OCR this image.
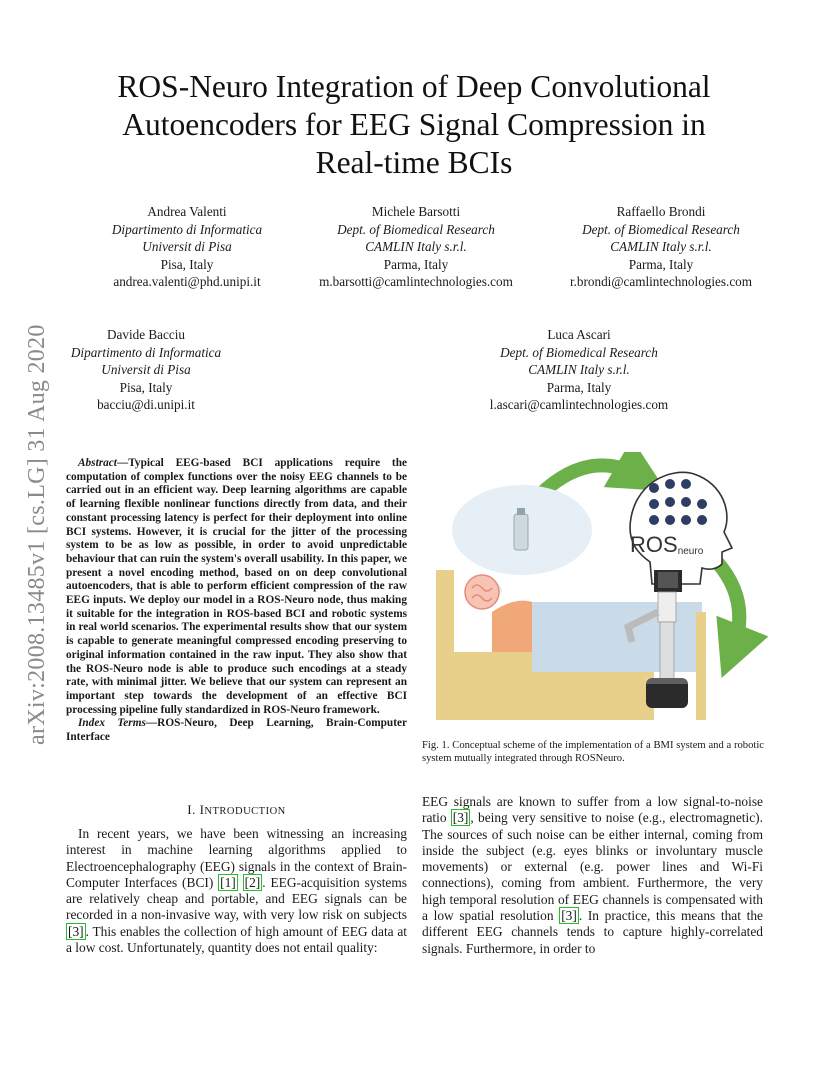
arXiv:2008.13485v1 [cs.LG] 31 Aug 2020
ROS-Neuro Integration of Deep Convolutional
Autoencoders for EEG Signal Compression in
Real-time BCIs
Andrea Valenti
Dipartimento di Informatica
Universit di Pisa
Pisa, Italy
andrea.valenti@phd.unipi.it
Michele Barsotti
Dept. of Biomedical Research
CAMLIN Italy s.r.l.
Parma, Italy
m.barsotti@camlintechnologies.com
Raffaello Brondi
Dept. of Biomedical Research
CAMLIN Italy s.r.l.
Parma, Italy
r.brondi@camlintechnologies.com
Davide Bacciu
Dipartimento di Informatica
Universit di Pisa
Pisa, Italy
bacciu@di.unipi.it
Luca Ascari
Dept. of Biomedical Research
CAMLIN Italy s.r.l.
Parma, Italy
l.ascari@camlintechnologies.com

Abstract—Typical EEG-based BCI applications require the computation of complex functions over the noisy EEG channels to be carried out in an efficient way. Deep learning algorithms are capable of learning flexible nonlinear functions directly from data, and their constant processing latency is perfect for their deployment into online BCI systems. However, it is crucial for the jitter of the processing system to be as low as possible, in order to avoid unpredictable behaviour that can ruin the system's overall usability. In this paper, we present a novel encoding method, based on on deep convolutional autoencoders, that is able to perform efficient compression of the raw EEG inputs. We deploy our model in a ROS-Neuro node, thus making it suitable for the integration in ROS-based BCI and robotic systems in real world scenarios. The experimental results show that our system is capable to generate meaningful compressed encoding preserving to original information contained in the raw input. They also show that the ROS-Neuro node is able to produce such encodings at a steady rate, with minimal jitter. We believe that our system can represent an important step towards the development of an effective BCI processing pipeline fully standardized in ROS-Neuro framework.

Index Terms—ROS-Neuro, Deep Learning, Brain-Computer Interface

ROSneuro
Fig. 1. Conceptual scheme of the implementation of a BMI system and a robotic system mutually integrated through ROSNeuro.
I. INTRODUCTION

In recent years, we have been witnessing an increasing interest in machine learning algorithms applied to Electroencephalography (EEG) signals in the context of Brain-Computer Interfaces (BCI) [1] [2] . EEG-acquisition systems are relatively cheap and portable, and EEG signals can be recorded in a non-invasive way, with very low risk on subjects [3] . This enables the collection of high amount of EEG data at a low cost. Unfortunately, quantity does not entail quality:

EEG signals are known to suffer from a low signal-to-noise ratio [3] , being very sensitive to noise (e.g., electromagnetic). The sources of such noise can be either internal, coming from inside the subject (e.g. eyes blinks or involuntary muscle movements) or external (e.g. power lines and Wi-Fi connections), coming from ambient. Furthermore, the very high temporal resolution of EEG channels is compensated with a low spatial resolution [3] . In practice, this means that the different EEG channels tends to capture highly-correlated signals. Furthermore, in order to
